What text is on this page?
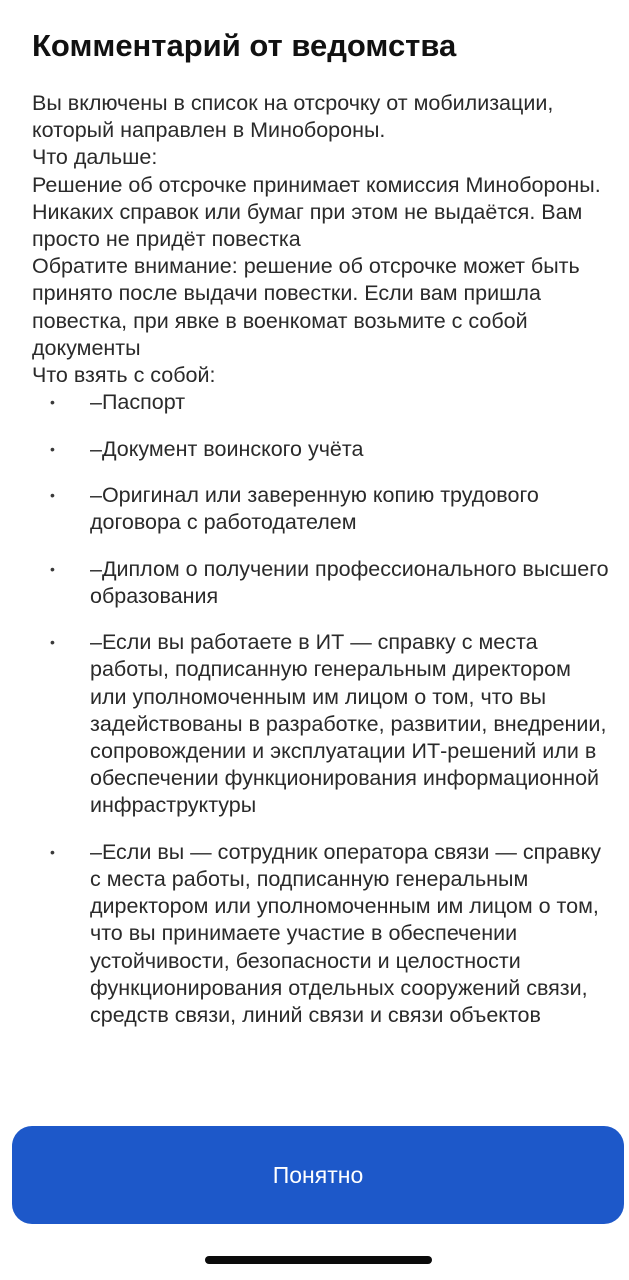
Комментарий от ведомства

Вы включены в список на отсрочку от мобилизации, который направлен в Минобороны.

Что дальше:

Решение об отсрочке принимает комиссия Минобороны. Никаких справок или бумаг при этом не выдаётся. Вам просто не придёт повестка

Обратите внимание: решение об отсрочке может быть принято после выдачи повестки. Если вам пришла повестка, при явке в военкомат возьмите с собой документы

Что взять с собой:

• –Паспорт
• –Документ воинского учёта
• –Оригинал или заверенную копию трудового договора с работодателем
• –Диплом о получении профессионального высшего образования
• –Если вы работаете в ИТ — справку с места работы, подписанную генеральным директором или уполномоченным им лицом о том, что вы задействованы в разработке, развитии, внедрении, сопровождении и эксплуатации ИТ-решений или в обеспечении функционирования информационной инфраструктуры
• –Если вы — сотрудник оператора связи — справку с места работы, подписанную генеральным директором или уполномоченным им лицом о том, что вы принимаете участие в обеспечении устойчивости, безопасности и целостности функционирования отдельных сооружений связи, средств связи, линий связи и связи объектов
Понятно
